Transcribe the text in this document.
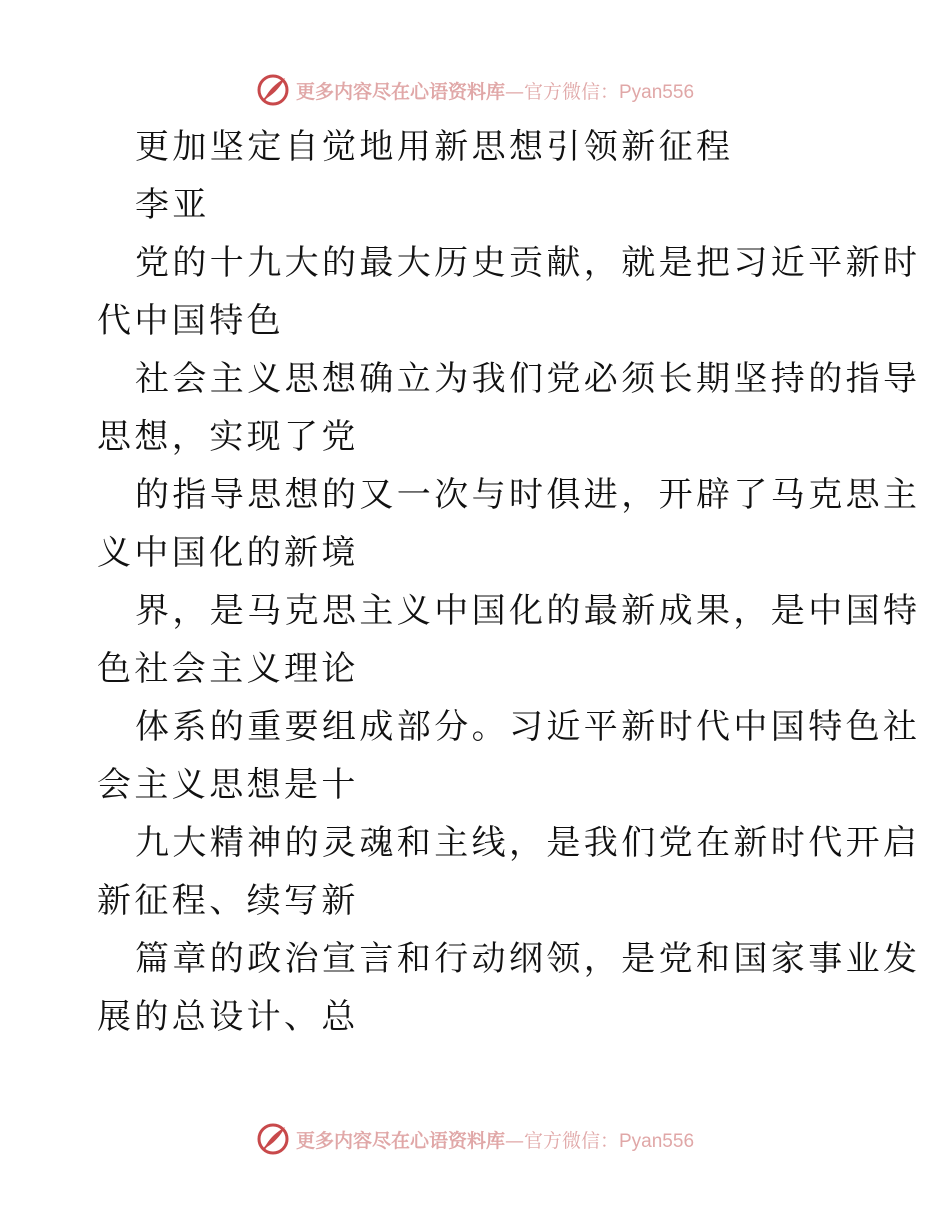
更多内容尽在心语资料库 — 官方微信：Pyan556
更加坚定自觉地用新思想引领新征程
李亚
党的十九大的最大历史贡献，就是把习近平新时
代中国特色
社会主义思想确立为我们党必须长期坚持的指导
思想，实现了党
的指导思想的又一次与时俱进，开辟了马克思主
义中国化的新境
界，是马克思主义中国化的最新成果，是中国特
色社会主义理论
体系的重要组成部分。习近平新时代中国特色社
会主义思想是十
九大精神的灵魂和主线，是我们党在新时代开启
新征程、续写新
篇章的政治宣言和行动纲领，是党和国家事业发
展的总设计、总
更多内容尽在心语资料库 — 官方微信：Pyan556
